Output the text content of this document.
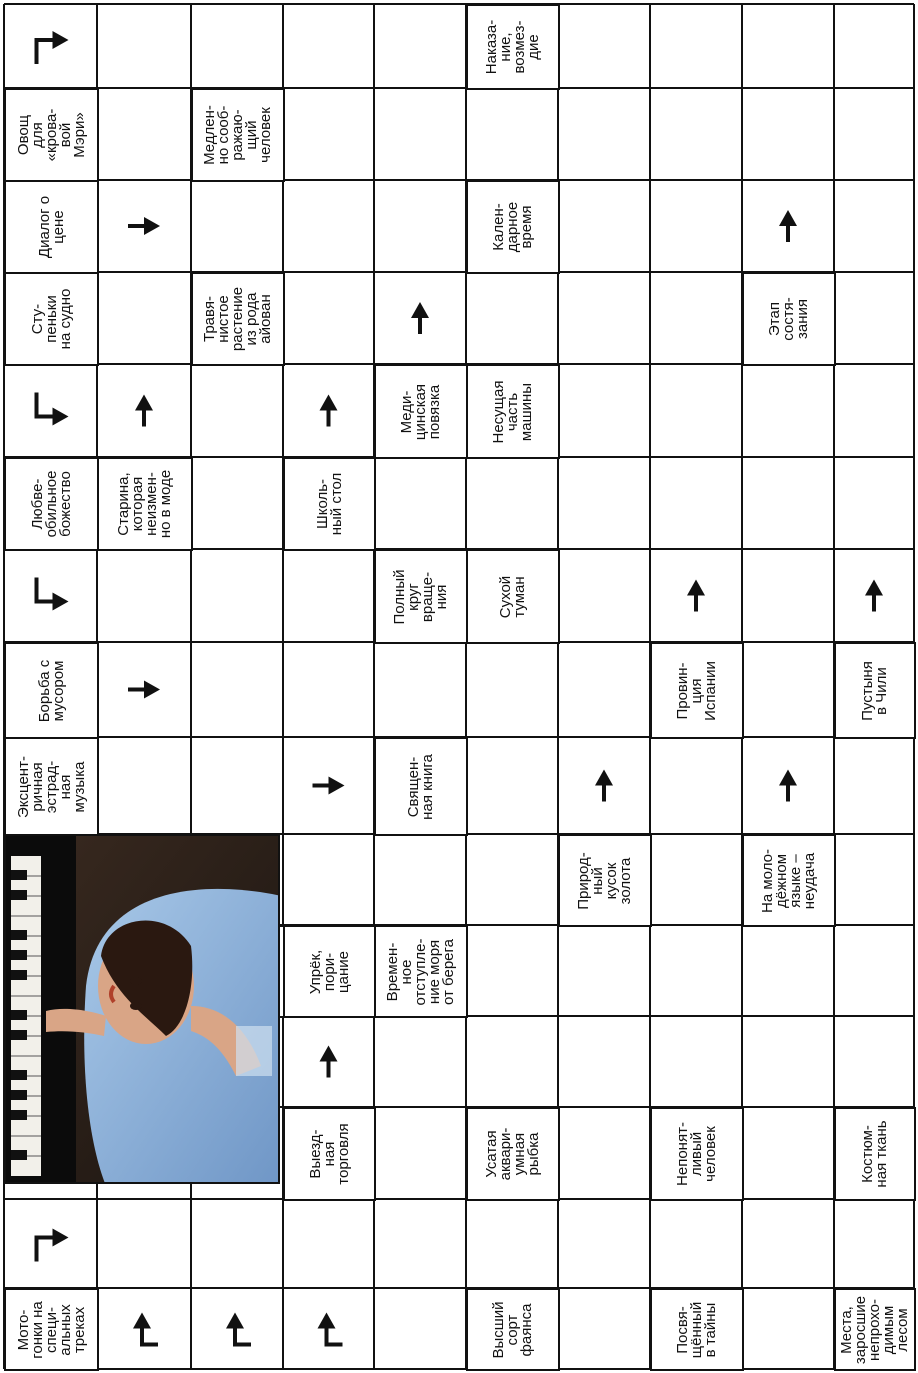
Мото-
гонки на
специ-
альных
треках	Высший
сорт
фаянса	Посвя-
щённый
в тайны	Места,
заросшие
непрохо-
димым
лесом
Выезд-
ная
торговля	Усатая
aквари-
умная
рыбка	Непонят-
ливый
человек	Костюм-
ная ткань
Упрёк,
пори-
цание Времен-
ное
отступле-
ние моря
от берега
На моло-
дёжном
языке –
неудача
Природ-
ный
кусок
золота
Эксцент-
ричная
эстрад-
ная
музыка	Священ-
ная книга
Борьба с
мусором	Провин-
ция
Испании	Пустыня
в Чили
Полный
круг
враще-
ния	Сухой
туман
Любве-
обильное
божество	Старина,
которая
неизмен-
но в моде	Школь-
ный стол
Меди-
цинская
повязка	Несущая
часть
машины
Сту-
пеньки
на судно	Травя-
нистое
растение
из рода
айован	Этап
состя-
зания
Диалог о
цене	Калeн-
дарное
время
Овощ
для
«крова-
вой
Мэри»	Медлен-
но сооб-
ражаю-
щий
человек
Наказа-
ние,
возмез-
дие
